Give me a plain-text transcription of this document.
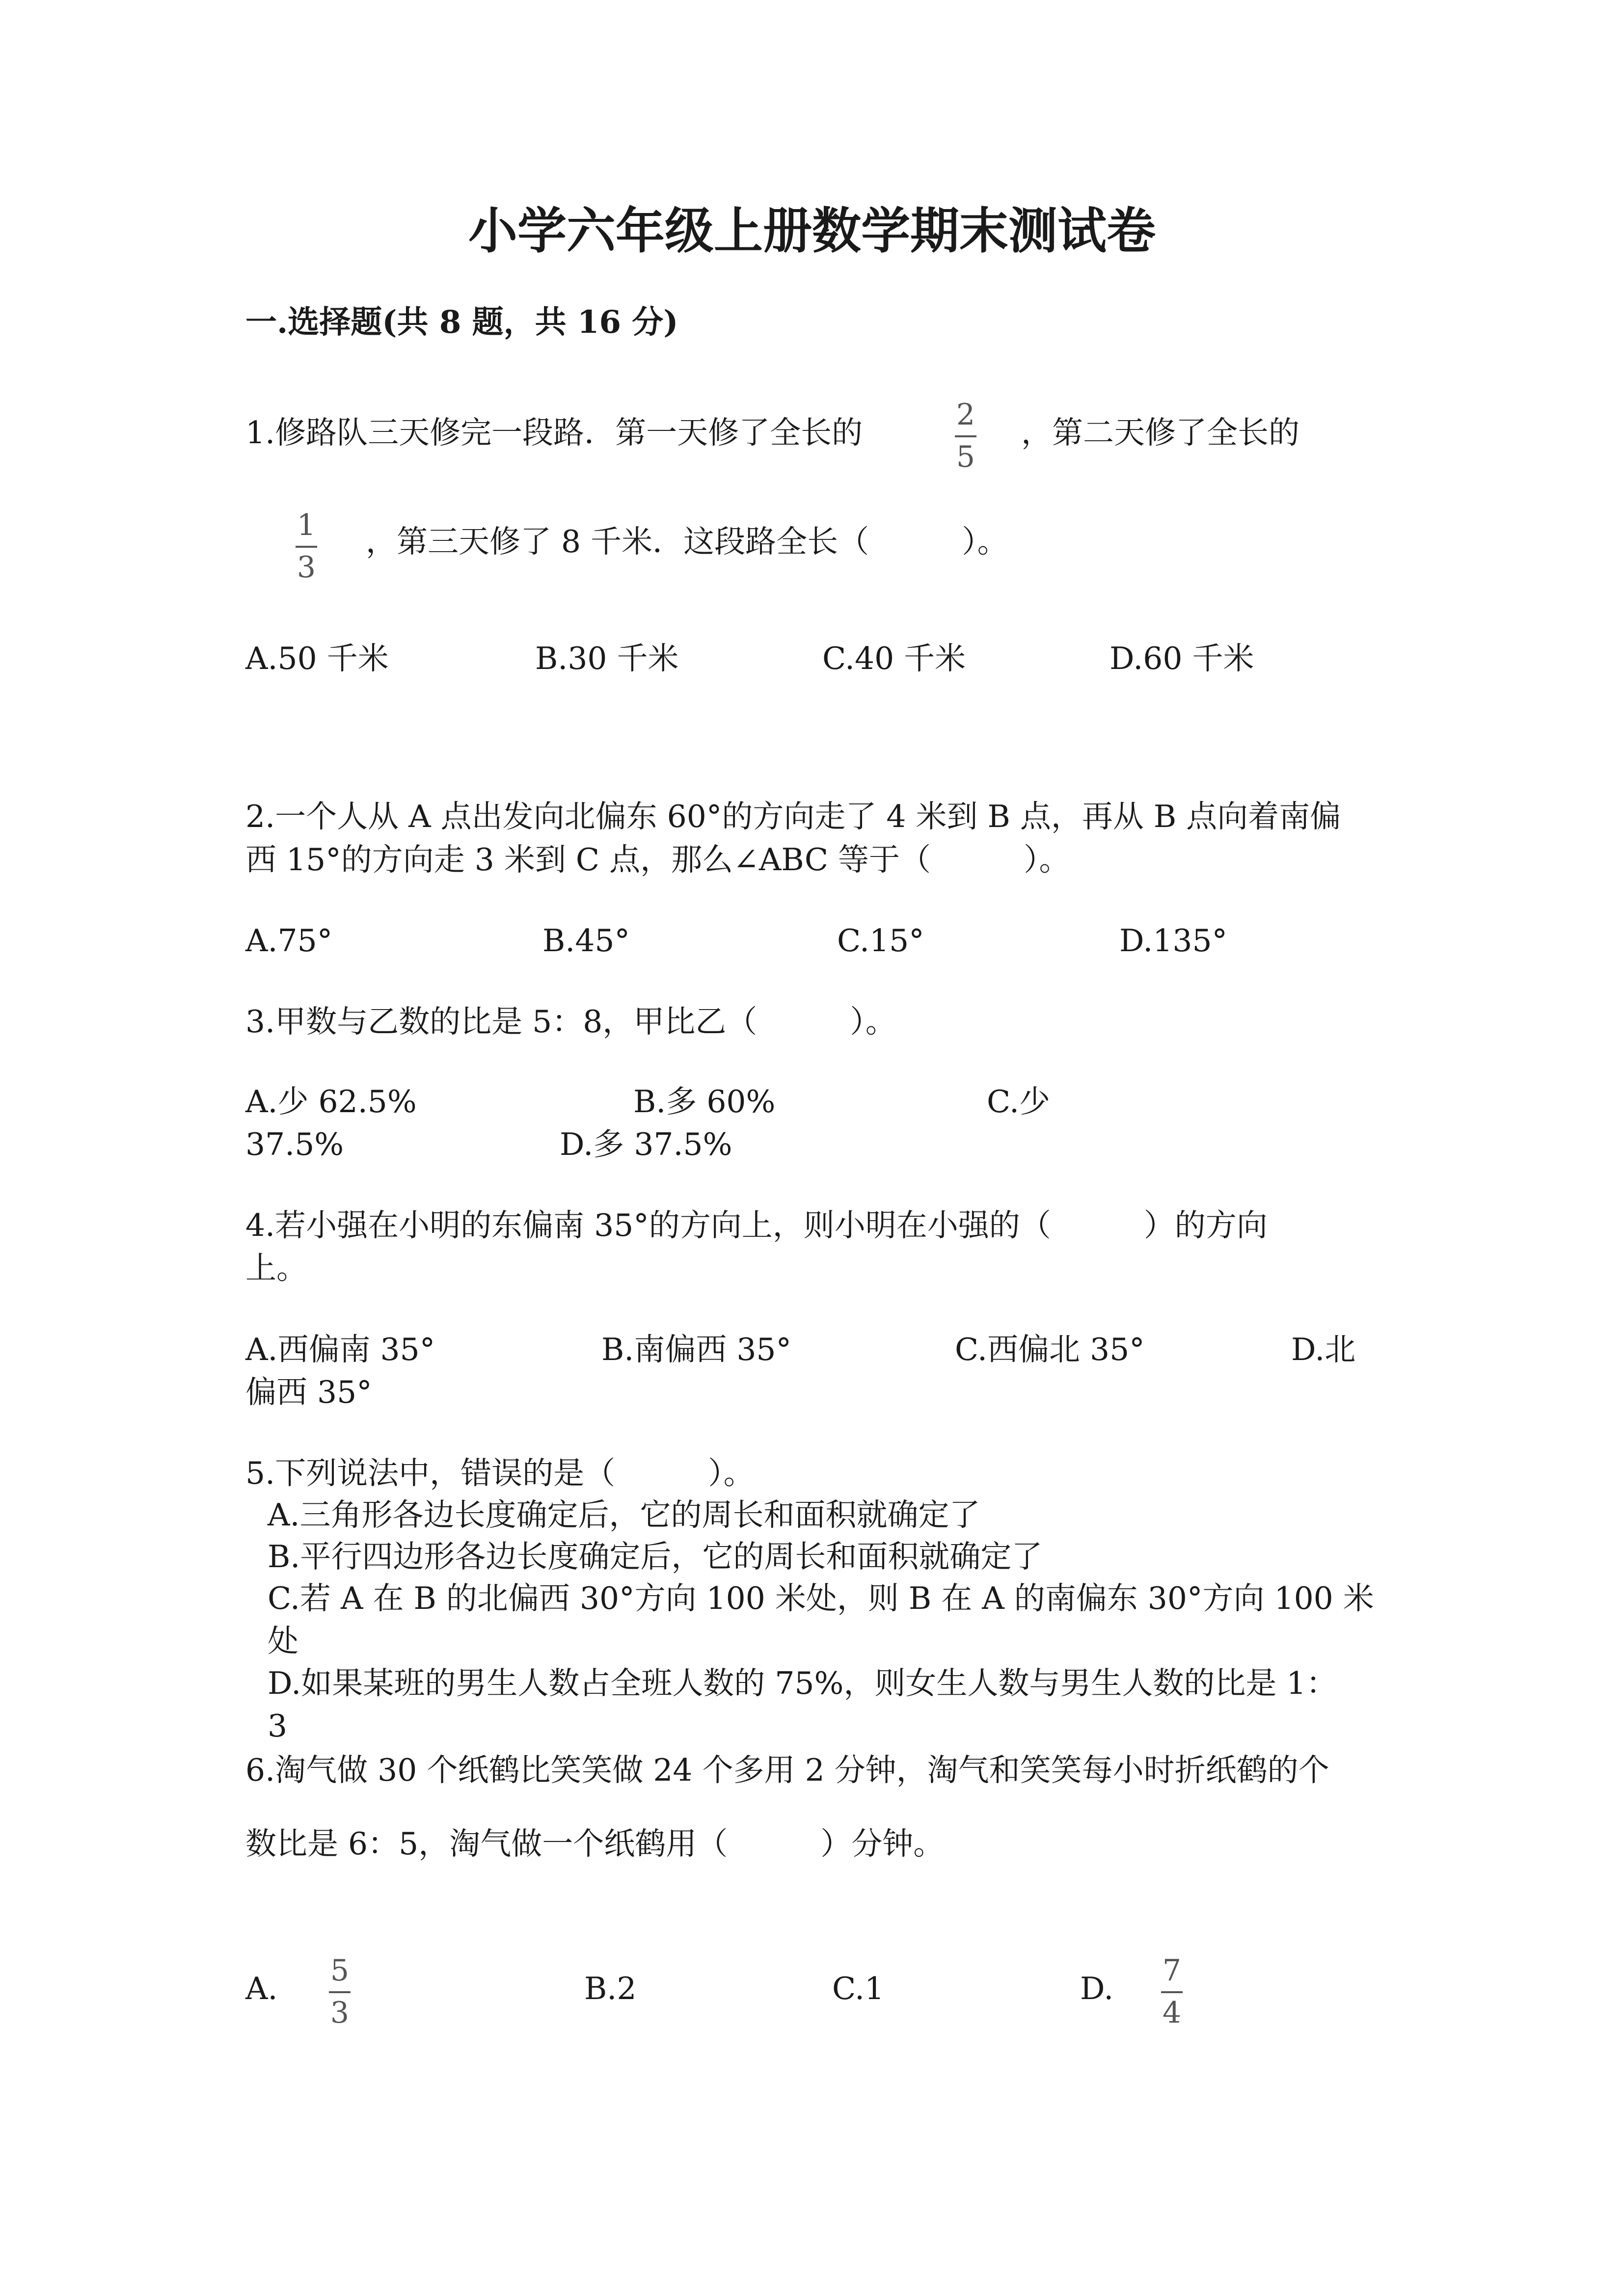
小学六年级上册数学期末测试卷
一.选择题(共 8 题，共 16 分)
1.修路队三天修完一段路．第一天修了全长的	2
5
，第二天修了全长的
1
3
，第三天修了 8 千米．这段路全长（　　　）。
A.50 千米	B.30 千米	C.40 千米	D.60 千米
2.一个人从 A 点出发向北偏东 60°的方向走了 4 米到 B 点，再从 B 点向着南偏
西 15°的方向走 3 米到 C 点，那么∠ABC 等于（　　　）。
A.75°	B.45°	C.15°	D.135°
3.甲数与乙数的比是 5：8，甲比乙（　　　）。
A.少 62.5%	B.多 60%	C.少
37.5%	D.多 37.5%
4.若小强在小明的东偏南 35°的方向上，则小明在小强的（　　　）的方向
上。
A.西偏南 35°	B.南偏西 35°	C.西偏北 35°	D.北
偏西 35°
5.下列说法中，错误的是（　　　）。
A.三角形各边长度确定后，它的周长和面积就确定了
B.平行四边形各边长度确定后，它的周长和面积就确定了
C.若 A 在 B 的北偏西 30°方向 100 米处，则 B 在 A 的南偏东 30°方向 100 米
处
D.如果某班的男生人数占全班人数的 75%，则女生人数与男生人数的比是 1：
3
6.淘气做 30 个纸鹤比笑笑做 24 个多用 2 分钟，淘气和笑笑每小时折纸鹤的个
数比是 6：5，淘气做一个纸鹤用（　　　）分钟。
A. 5
3
B.2	C.1	D. 7
4
